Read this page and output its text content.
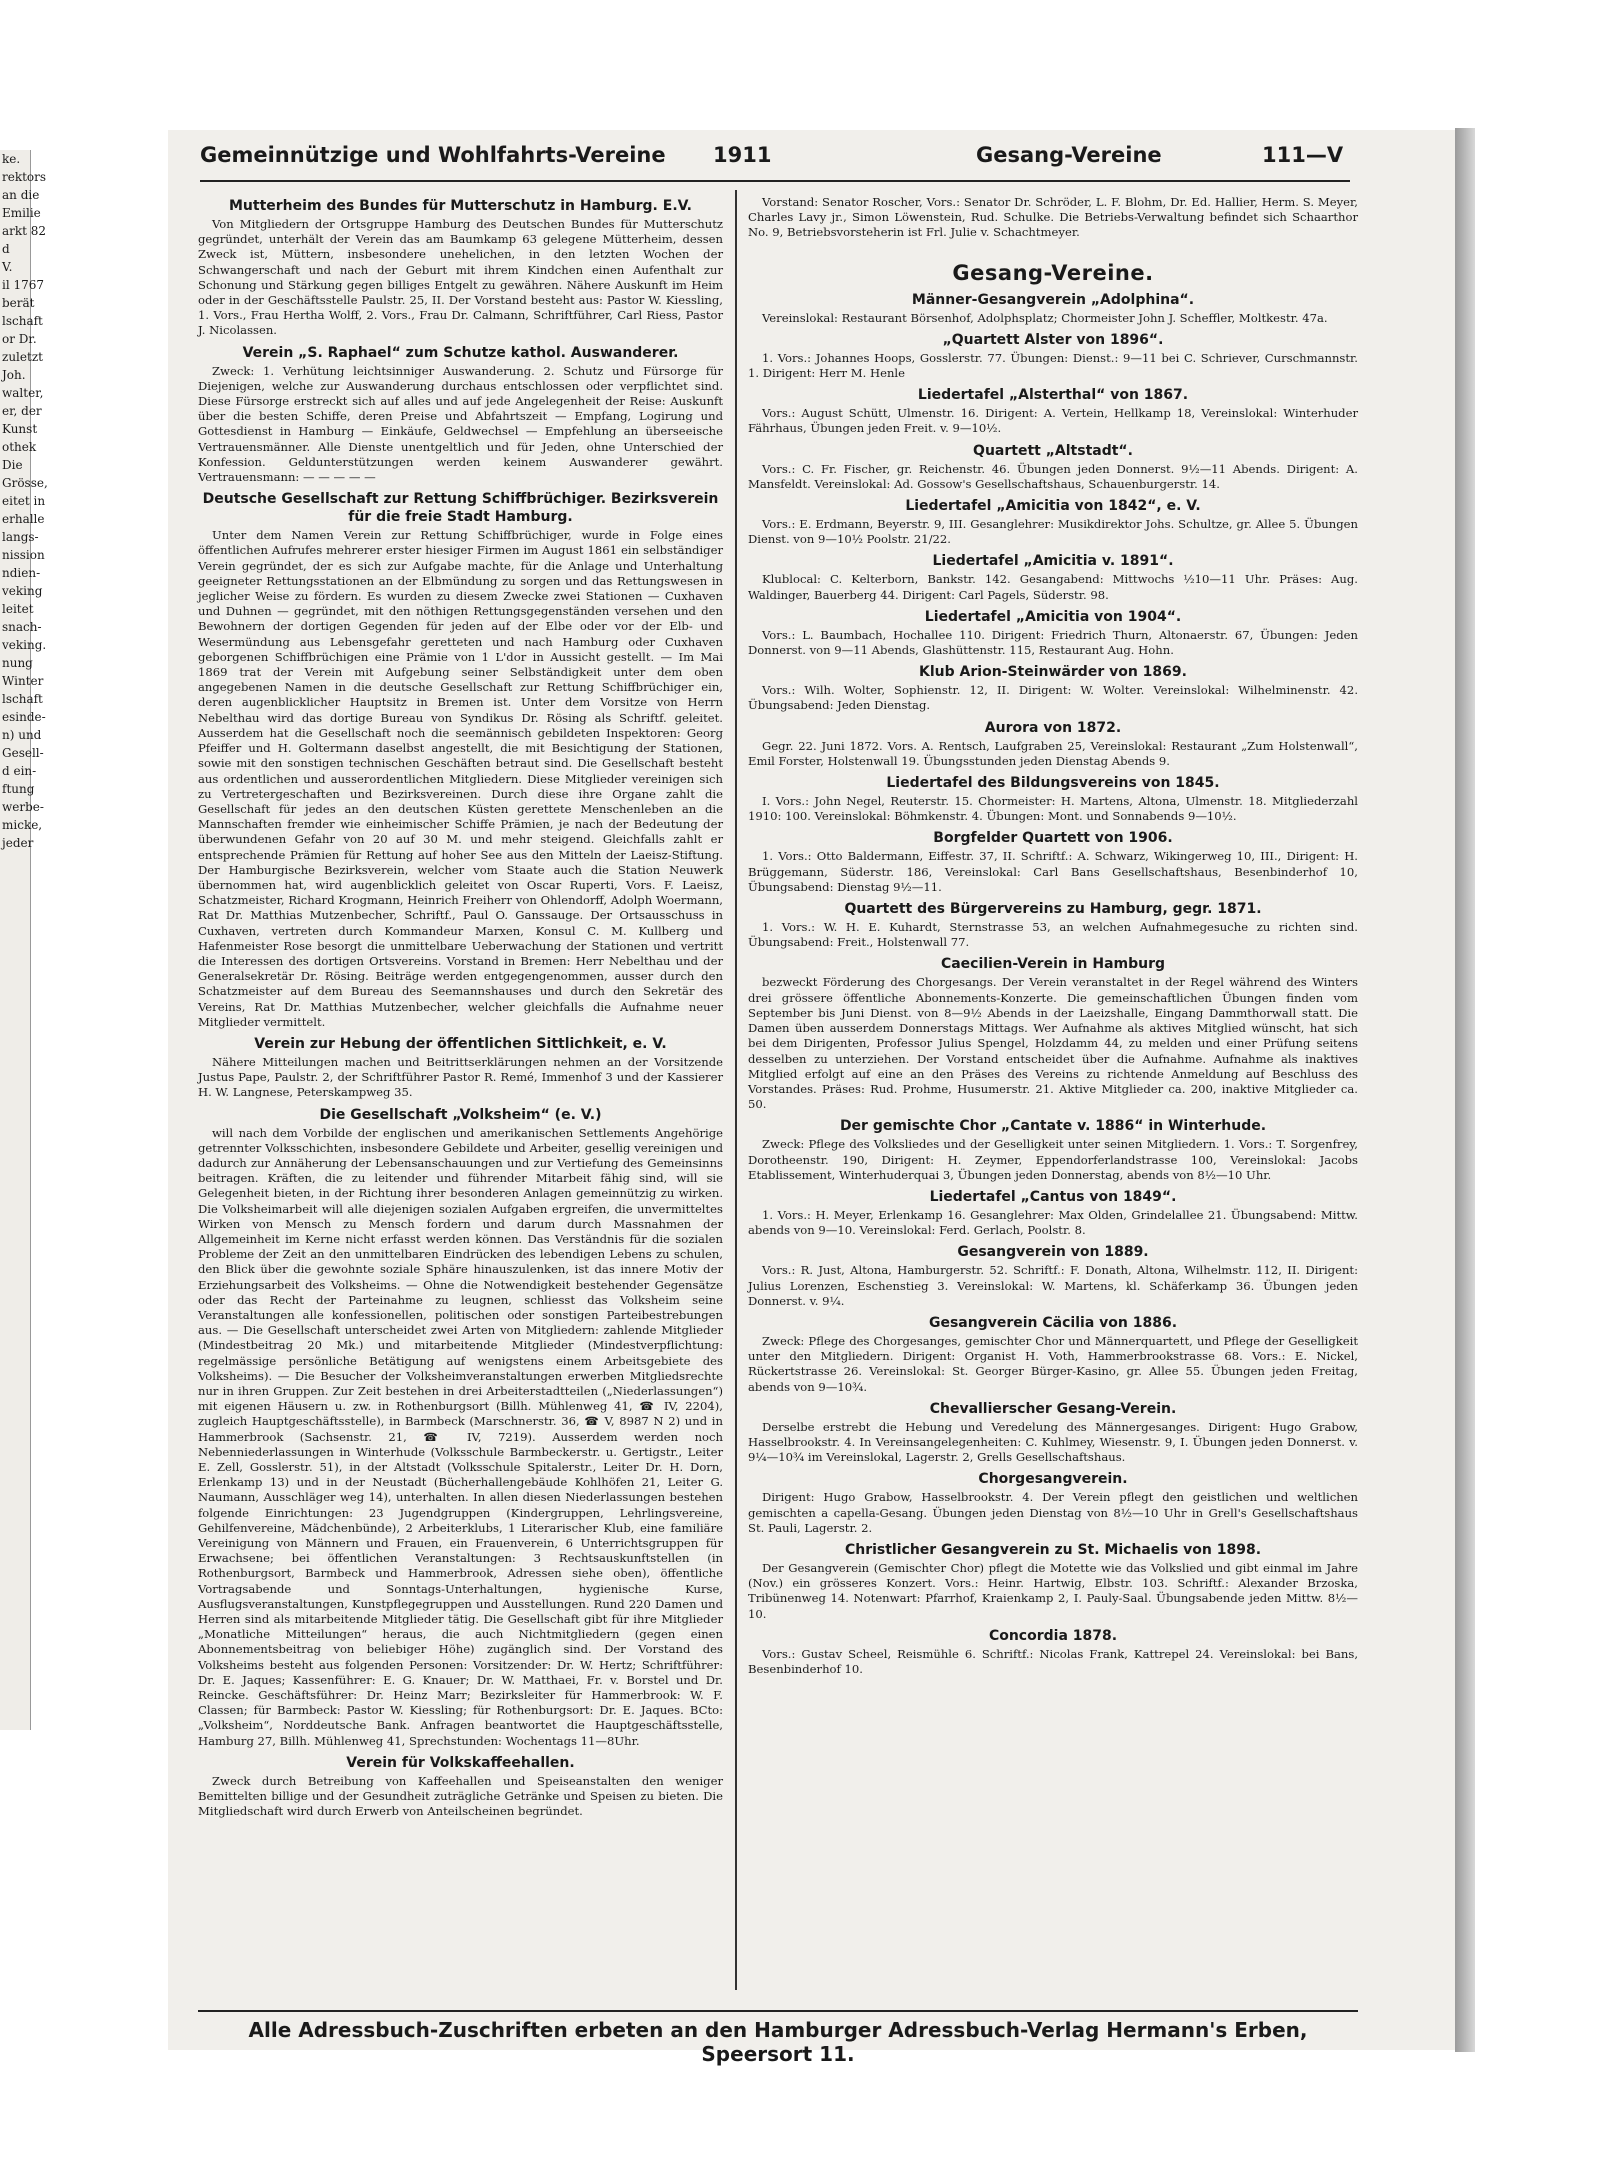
ke.
rektors
an die
Emilie
arkt 82
d
V.
il 1767
berät
lschaft
or Dr.
zuletzt
Joh.
walter,
er, der
Kunst
othek
Die
Grösse,
eitet in
erhalle
langs-
nission
ndien-
veking
leitet
snach-
veking.
nung
Winter
lschaft
esinde-
n) und
Gesell-
d ein-
ftung
werbe-
micke,
jeder
Gemeinnützige und Wohlfahrts-Vereine 1911	Gesang-Vereine	111—V
Mutterheim des Bundes für Mutterschutz in Hamburg. E.V.
Von Mitgliedern der Ortsgruppe Hamburg des Deutschen Bundes für Mutterschutz gegründet, unterhält der Verein das am Baumkamp 63 gelegene Mütterheim, dessen Zweck ist, Müttern, insbesondere unehelichen, in den letzten Wochen der Schwangerschaft und nach der Geburt mit ihrem Kindchen einen Aufenthalt zur Schonung und Stärkung gegen billiges Entgelt zu gewähren. Nähere Auskunft im Heim oder in der Geschäftsstelle Paulstr. 25, II. Der Vorstand besteht aus: Pastor W. Kiessling, 1. Vors., Frau Hertha Wolff, 2. Vors., Frau Dr. Calmann, Schriftführer, Carl Riess, Pastor J. Nicolassen.
Verein „S. Raphael“ zum Schutze kathol. Auswanderer.
Zweck: 1. Verhütung leichtsinniger Auswanderung. 2. Schutz und Fürsorge für Diejenigen, welche zur Auswanderung durchaus entschlossen oder verpflichtet sind. Diese Fürsorge erstreckt sich auf alles und auf jede Angelegenheit der Reise: Auskunft über die besten Schiffe, deren Preise und Abfahrtszeit — Empfang, Logirung und Gottesdienst in Hamburg — Einkäufe, Geldwechsel — Empfehlung an überseeische Vertrauensmänner. Alle Dienste unentgeltlich und für Jeden, ohne Unterschied der Konfession. Geldunterstützungen werden keinem Auswanderer gewährt. Vertrauensmann: — — — — —
Deutsche Gesellschaft zur Rettung Schiffbrüchiger. Bezirksverein für die freie Stadt Hamburg.
Unter dem Namen Verein zur Rettung Schiffbrüchiger, wurde in Folge eines öffentlichen Aufrufes mehrerer erster hiesiger Firmen im August 1861 ein selbständiger Verein gegründet, der es sich zur Aufgabe machte, für die Anlage und Unterhaltung geeigneter Rettungsstationen an der Elbmündung zu sorgen und das Rettungswesen in jeglicher Weise zu fördern. Es wurden zu diesem Zwecke zwei Stationen — Cuxhaven und Duhnen — gegründet, mit den nöthigen Rettungsgegenständen versehen und den Bewohnern der dortigen Gegenden für jeden auf der Elbe oder vor der Elb- und Wesermündung aus Lebensgefahr geretteten und nach Hamburg oder Cuxhaven geborgenen Schiffbrüchigen eine Prämie von 1 L'dor in Aussicht gestellt. — Im Mai 1869 trat der Verein mit Aufgebung seiner Selbständigkeit unter dem oben angegebenen Namen in die deutsche Gesellschaft zur Rettung Schiffbrüchiger ein, deren augenblicklicher Hauptsitz in Bremen ist. Unter dem Vorsitze von Herrn Nebelthau wird das dortige Bureau von Syndikus Dr. Rösing als Schriftf. geleitet. Ausserdem hat die Gesellschaft noch die seemännisch gebildeten Inspektoren: Georg Pfeiffer und H. Goltermann daselbst angestellt, die mit Besichtigung der Stationen, sowie mit den sonstigen technischen Geschäften betraut sind. Die Gesellschaft besteht aus ordentlichen und ausserordentlichen Mitgliedern. Diese Mitglieder vereinigen sich zu Vertretergeschaften und Bezirksvereinen. Durch diese ihre Organe zahlt die Gesellschaft für jedes an den deutschen Küsten gerettete Menschenleben an die Mannschaften fremder wie einheimischer Schiffe Prämien, je nach der Bedeutung der überwundenen Gefahr von 20 auf 30 M. und mehr steigend. Gleichfalls zahlt er entsprechende Prämien für Rettung auf hoher See aus den Mitteln der Laeisz-Stiftung. Der Hamburgische Bezirksverein, welcher vom Staate auch die Station Neuwerk übernommen hat, wird augenblicklich geleitet von Oscar Ruperti, Vors. F. Laeisz, Schatzmeister, Richard Krogmann, Heinrich Freiherr von Ohlendorff, Adolph Woermann, Rat Dr. Matthias Mutzenbecher, Schriftf., Paul O. Ganssauge. Der Ortsausschuss in Cuxhaven, vertreten durch Kommandeur Marxen, Konsul C. M. Kullberg und Hafenmeister Rose besorgt die unmittelbare Ueberwachung der Stationen und vertritt die Interessen des dortigen Ortsvereins. Vorstand in Bremen: Herr Nebelthau und der Generalsekretär Dr. Rösing. Beiträge werden entgegengenommen, ausser durch den Schatzmeister auf dem Bureau des Seemannshauses und durch den Sekretär des Vereins, Rat Dr. Matthias Mutzenbecher, welcher gleichfalls die Aufnahme neuer Mitglieder vermittelt.
Verein zur Hebung der öffentlichen Sittlichkeit, e. V.
Nähere Mitteilungen machen und Beitrittserklärungen nehmen an der Vorsitzende Justus Pape, Paulstr. 2, der Schriftführer Pastor R. Remé, Immenhof 3 und der Kassierer H. W. Langnese, Peterskampweg 35.
Die Gesellschaft „Volksheim“ (e. V.)
will nach dem Vorbilde der englischen und amerikanischen Settlements Angehörige getrennter Volksschichten, insbesondere Gebildete und Arbeiter, gesellig vereinigen und dadurch zur Annäherung der Lebensanschauungen und zur Vertiefung des Gemeinsinns beitragen. Kräften, die zu leitender und führender Mitarbeit fähig sind, will sie Gelegenheit bieten, in der Richtung ihrer besonderen Anlagen gemeinnützig zu wirken. Die Volksheimarbeit will alle diejenigen sozialen Aufgaben ergreifen, die unvermitteltes Wirken von Mensch zu Mensch fordern und darum durch Massnahmen der Allgemeinheit im Kerne nicht erfasst werden können. Das Verständnis für die sozialen Probleme der Zeit an den unmittelbaren Eindrücken des lebendigen Lebens zu schulen, den Blick über die gewohnte soziale Sphäre hinauszulenken, ist das innere Motiv der Erziehungsarbeit des Volksheims. — Ohne die Notwendigkeit bestehender Gegensätze oder das Recht der Parteinahme zu leugnen, schliesst das Volksheim seine Veranstaltungen alle konfessionellen, politischen oder sonstigen Parteibestrebungen aus. — Die Gesellschaft unterscheidet zwei Arten von Mitgliedern: zahlende Mitglieder (Mindestbeitrag 20 Mk.) und mitarbeitende Mitglieder (Mindestverpflichtung: regelmässige persönliche Betätigung auf wenigstens einem Arbeitsgebiete des Volksheims). — Die Besucher der Volksheimveranstaltungen erwerben Mitgliedsrechte nur in ihren Gruppen. Zur Zeit bestehen in drei Arbeiterstadtteilen („Niederlassungen“) mit eigenen Häusern u. zw. in Rothenburgsort (Billh. Mühlenweg 41, ☎ IV, 2204), zugleich Hauptgeschäftsstelle), in Barmbeck (Marschnerstr. 36, ☎ V, 8987 N 2) und in Hammerbrook (Sachsenstr. 21, ☎ IV, 7219). Ausserdem werden noch Nebenniederlassungen in Winterhude (Volksschule Barmbeckerstr. u. Gertigstr., Leiter E. Zell, Gosslerstr. 51), in der Altstadt (Volksschule Spitalerstr., Leiter Dr. H. Dorn, Erlenkamp 13) und in der Neustadt (Bücherhallengebäude Kohlhöfen 21, Leiter G. Naumann, Ausschläger weg 14), unterhalten. In allen diesen Niederlassungen bestehen folgende Einrichtungen: 23 Jugendgruppen (Kindergruppen, Lehrlingsvereine, Gehilfenvereine, Mädchenbünde), 2 Arbeiterklubs, 1 Literarischer Klub, eine familiäre Vereinigung von Männern und Frauen, ein Frauenverein, 6 Unterrichtsgruppen für Erwachsene; bei öffentlichen Veranstaltungen: 3 Rechtsauskunftstellen (in Rothenburgsort, Barmbeck und Hammerbrook, Adressen siehe oben), öffentliche Vortragsabende und Sonntags-Unterhaltungen, hygienische Kurse, Ausflugsveranstaltungen, Kunstpflegegruppen und Ausstellungen. Rund 220 Damen und Herren sind als mitarbeitende Mitglieder tätig. Die Gesellschaft gibt für ihre Mitglieder „Monatliche Mitteilungen“ heraus, die auch Nichtmitgliedern (gegen einen Abonnementsbeitrag von beliebiger Höhe) zugänglich sind. Der Vorstand des Volksheims besteht aus folgenden Personen: Vorsitzender: Dr. W. Hertz; Schriftführer: Dr. E. Jaques; Kassenführer: E. G. Knauer; Dr. W. Matthaei, Fr. v. Borstel und Dr. Reincke. Geschäftsführer: Dr. Heinz Marr; Bezirksleiter für Hammerbrook: W. F. Classen; für Barmbeck: Pastor W. Kiessling; für Rothenburgsort: Dr. E. Jaques. BCto: „Volksheim“, Norddeutsche Bank. Anfragen beantwortet die Hauptgeschäftsstelle, Hamburg 27, Billh. Mühlenweg 41, Sprechstunden: Wochentags 11—8Uhr.
Verein für Volkskaffeehallen.
Zweck durch Betreibung von Kaffeehallen und Speiseanstalten den weniger Bemittelten billige und der Gesundheit zuträgliche Getränke und Speisen zu bieten. Die Mitgliedschaft wird durch Erwerb von Anteilscheinen begründet.
Vorstand: Senator Roscher, Vors.: Senator Dr. Schröder, L. F. Blohm, Dr. Ed. Hallier, Herm. S. Meyer, Charles Lavy jr., Simon Löwenstein, Rud. Schulke. Die Betriebs-Verwaltung befindet sich Schaarthor No. 9, Betriebsvorsteherin ist Frl. Julie v. Schachtmeyer.
Gesang-Vereine.
Männer-Gesangverein „Adolphina“.
Vereinslokal: Restaurant Börsenhof, Adolphsplatz; Chormeister John J. Scheffler, Moltkestr. 47a.
„Quartett Alster von 1896“.
1. Vors.: Johannes Hoops, Gosslerstr. 77. Übungen: Dienst.: 9—11 bei C. Schriever, Curschmannstr. 1. Dirigent: Herr M. Henle
Liedertafel „Alsterthal“ von 1867.
Vors.: August Schütt, Ulmenstr. 16. Dirigent: A. Vertein, Hellkamp 18, Vereinslokal: Winterhuder Fährhaus, Übungen jeden Freit. v. 9—10½.
Quartett „Altstadt“.
Vors.: C. Fr. Fischer, gr. Reichenstr. 46. Übungen jeden Donnerst. 9½—11 Abends. Dirigent: A. Mansfeldt. Vereinslokal: Ad. Gossow's Gesellschaftshaus, Schauenburgerstr. 14.
Liedertafel „Amicitia von 1842“, e. V.
Vors.: E. Erdmann, Beyerstr. 9, III. Gesanglehrer: Musikdirektor Johs. Schultze, gr. Allee 5. Übungen Dienst. von 9—10½ Poolstr. 21/22.
Liedertafel „Amicitia v. 1891“.
Klublocal: C. Kelterborn, Bankstr. 142. Gesangabend: Mittwochs ½10—11 Uhr. Präses: Aug. Waldinger, Bauerberg 44. Dirigent: Carl Pagels, Süderstr. 98.
Liedertafel „Amicitia von 1904“.
Vors.: L. Baumbach, Hochallee 110. Dirigent: Friedrich Thurn, Altonaerstr. 67, Übungen: Jeden Donnerst. von 9—11 Abends, Glashüttenstr. 115, Restaurant Aug. Hohn.
Klub Arion-Steinwärder von 1869.
Vors.: Wilh. Wolter, Sophienstr. 12, II. Dirigent: W. Wolter. Vereinslokal: Wilhelminenstr. 42. Übungsabend: Jeden Dienstag.
Aurora von 1872.
Gegr. 22. Juni 1872. Vors. A. Rentsch, Laufgraben 25, Vereinslokal: Restaurant „Zum Holstenwall“, Emil Forster, Holstenwall 19. Übungsstunden jeden Dienstag Abends 9.
Liedertafel des Bildungsvereins von 1845.
I. Vors.: John Negel, Reuterstr. 15. Chormeister: H. Martens, Altona, Ulmenstr. 18. Mitgliederzahl 1910: 100. Vereinslokal: Böhmkenstr. 4. Übungen: Mont. und Sonnabends 9—10½.
Borgfelder Quartett von 1906.
1. Vors.: Otto Baldermann, Eiffestr. 37, II. Schriftf.: A. Schwarz, Wikingerweg 10, III., Dirigent: H. Brüggemann, Süderstr. 186, Vereinslokal: Carl Bans Gesellschaftshaus, Besenbinderhof 10, Übungsabend: Dienstag 9½—11.
Quartett des Bürgervereins zu Hamburg, gegr. 1871.
1. Vors.: W. H. E. Kuhardt, Sternstrasse 53, an welchen Aufnahmegesuche zu richten sind. Übungsabend: Freit., Holstenwall 77.
Caecilien-Verein in Hamburg
bezweckt Förderung des Chorgesangs. Der Verein veranstaltet in der Regel während des Winters drei grössere öffentliche Abonnements-Konzerte. Die gemeinschaftlichen Übungen finden vom September bis Juni Dienst. von 8—9½ Abends in der Laeizshalle, Eingang Dammthorwall statt. Die Damen üben ausserdem Donnerstags Mittags. Wer Aufnahme als aktives Mitglied wünscht, hat sich bei dem Dirigenten, Professor Julius Spengel, Holzdamm 44, zu melden und einer Prüfung seitens desselben zu unterziehen. Der Vorstand entscheidet über die Aufnahme. Aufnahme als inaktives Mitglied erfolgt auf eine an den Präses des Vereins zu richtende Anmeldung auf Beschluss des Vorstandes. Präses: Rud. Prohme, Husumerstr. 21. Aktive Mitglieder ca. 200, inaktive Mitglieder ca. 50.
Der gemischte Chor „Cantate v. 1886“ in Winterhude.
Zweck: Pflege des Volksliedes und der Geselligkeit unter seinen Mitgliedern. 1. Vors.: T. Sorgenfrey, Dorotheenstr. 190, Dirigent: H. Zeymer, Eppendorferlandstrasse 100, Vereinslokal: Jacobs Etablissement, Winterhuderquai 3, Übungen jeden Donnerstag, abends von 8½—10 Uhr.
Liedertafel „Cantus von 1849“.
1. Vors.: H. Meyer, Erlenkamp 16. Gesanglehrer: Max Olden, Grindelallee 21. Übungsabend: Mittw. abends von 9—10. Vereinslokal: Ferd. Gerlach, Poolstr. 8.
Gesangverein von 1889.
Vors.: R. Just, Altona, Hamburgerstr. 52. Schriftf.: F. Donath, Altona, Wilhelmstr. 112, II. Dirigent: Julius Lorenzen, Eschenstieg 3. Vereinslokal: W. Martens, kl. Schäferkamp 36. Übungen jeden Donnerst. v. 9¼.
Gesangverein Cäcilia von 1886.
Zweck: Pflege des Chorgesanges, gemischter Chor und Männerquartett, und Pflege der Geselligkeit unter den Mitgliedern. Dirigent: Organist H. Voth, Hammerbrookstrasse 68. Vors.: E. Nickel, Rückertstrasse 26. Vereinslokal: St. Georger Bürger-Kasino, gr. Allee 55. Übungen jeden Freitag, abends von 9—10¾.
Chevallierscher Gesang-Verein.
Derselbe erstrebt die Hebung und Veredelung des Männergesanges. Dirigent: Hugo Grabow, Hasselbrookstr. 4. In Vereinsangelegenheiten: C. Kuhlmey, Wiesenstr. 9, I. Übungen jeden Donnerst. v. 9¼—10¾ im Vereinslokal, Lagerstr. 2, Grells Gesellschaftshaus.
Chorgesangverein.
Dirigent: Hugo Grabow, Hasselbrookstr. 4. Der Verein pflegt den geistlichen und weltlichen gemischten a capella-Gesang. Übungen jeden Dienstag von 8½—10 Uhr in Grell's Gesellschaftshaus St. Pauli, Lagerstr. 2.
Christlicher Gesangverein zu St. Michaelis von 1898.
Der Gesangverein (Gemischter Chor) pflegt die Motette wie das Volkslied und gibt einmal im Jahre (Nov.) ein grösseres Konzert. Vors.: Heinr. Hartwig, Elbstr. 103. Schriftf.: Alexander Brzoska, Tribünenweg 14. Notenwart: Pfarrhof, Kraienkamp 2, I. Pauly-Saal. Übungsabende jeden Mittw. 8½—10.
Concordia 1878.
Vors.: Gustav Scheel, Reismühle 6. Schriftf.: Nicolas Frank, Kattrepel 24. Vereinslokal: bei Bans, Besenbinderhof 10.
Alle Adressbuch-Zuschriften erbeten an den Hamburger Adressbuch-Verlag Hermann's Erben, Speersort 11.
